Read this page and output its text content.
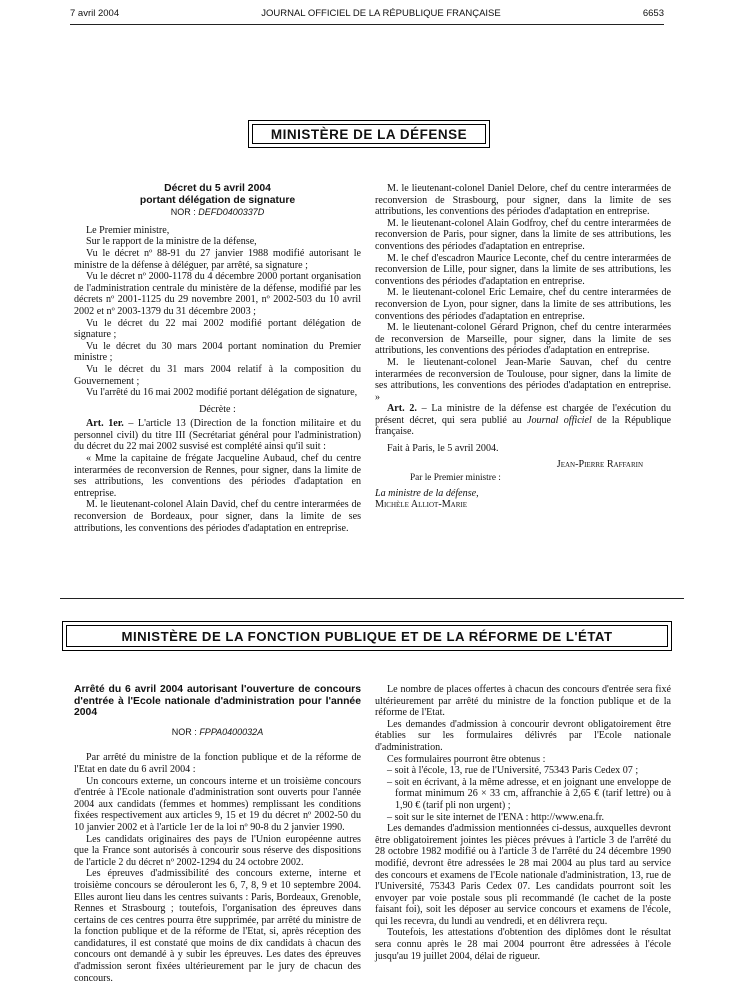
7 avril 2004	JOURNAL OFFICIEL DE LA RÉPUBLIQUE FRANÇAISE	6653
MINISTÈRE DE LA DÉFENSE
Décret du 5 avril 2004
portant délégation de signature
NOR : DEFD0400337D

Le Premier ministre,

Sur le rapport de la ministre de la défense,

Vu le décret nº 88-91 du 27 janvier 1988 modifié autorisant le ministre de la défense à déléguer, par arrêté, sa signature ;

Vu le décret nº 2000-1178 du 4 décembre 2000 portant organisation de l'administration centrale du ministère de la défense, modifié par les décrets nº 2001-1125 du 29 novembre 2001, nº 2002-503 du 10 avril 2002 et nº 2003-1379 du 31 décembre 2003 ;

Vu le décret du 22 mai 2002 modifié portant délégation de signature ;

Vu le décret du 30 mars 2004 portant nomination du Premier ministre ;

Vu le décret du 31 mars 2004 relatif à la composition du Gouvernement ;

Vu l'arrêté du 16 mai 2002 modifié portant délégation de signature,

Décrète :

Art. 1er. – L'article 13 (Direction de la fonction militaire et du personnel civil) du titre III (Secrétariat général pour l'administration) du décret du 22 mai 2002 susvisé est complété ainsi qu'il suit :

« Mme la capitaine de frégate Jacqueline Aubaud, chef du centre interarmées de reconversion de Rennes, pour signer, dans la limite de ses attributions, les conventions des périodes d'adaptation en entreprise.

M. le lieutenant-colonel Alain David, chef du centre interarmées de reconversion de Bordeaux, pour signer, dans la limite de ses attributions, les conventions des périodes d'adaptation en entreprise.

M. le lieutenant-colonel Daniel Delore, chef du centre interarmées de reconversion de Strasbourg, pour signer, dans la limite de ses attributions, les conventions des périodes d'adaptation en entreprise.

M. le lieutenant-colonel Alain Godfroy, chef du centre interarmées de reconversion de Paris, pour signer, dans la limite de ses attributions, les conventions des périodes d'adaptation en entreprise.

M. le chef d'escadron Maurice Leconte, chef du centre interarmées de reconversion de Lille, pour signer, dans la limite de ses attributions, les conventions des périodes d'adaptation en entreprise.

M. le lieutenant-colonel Eric Lemaire, chef du centre interarmées de reconversion de Lyon, pour signer, dans la limite de ses attributions, les conventions des périodes d'adaptation en entreprise.

M. le lieutenant-colonel Gérard Prignon, chef du centre interarmées de reconversion de Marseille, pour signer, dans la limite de ses attributions, les conventions des périodes d'adaptation en entreprise.

M. le lieutenant-colonel Jean-Marie Sauvan, chef du centre interarmées de reconversion de Toulouse, pour signer, dans la limite de ses attributions, les conventions des périodes d'adaptation en entreprise. »

Art. 2. – La ministre de la défense est chargée de l'exécution du présent décret, qui sera publié au Journal officiel de la République française.

Fait à Paris, le 5 avril 2004.

Jean-Pierre Raffarin

Par le Premier ministre :

La ministre de la défense,

Michèle Alliot-Marie

MINISTÈRE DE LA FONCTION PUBLIQUE ET DE LA RÉFORME DE L'ÉTAT
Arrêté du 6 avril 2004 autorisant l'ouverture de concours d'entrée à l'Ecole nationale d'administration pour l'année 2004
NOR : FPPA0400032A

Par arrêté du ministre de la fonction publique et de la réforme de l'Etat en date du 6 avril 2004 :

Un concours externe, un concours interne et un troisième concours d'entrée à l'Ecole nationale d'administration sont ouverts pour l'année 2004 aux candidats (femmes et hommes) remplissant les conditions fixées respectivement aux articles 9, 15 et 19 du décret nº 2002-50 du 10 janvier 2002 et à l'article 1er de la loi nº 90-8 du 2 janvier 1990.

Les candidats originaires des pays de l'Union européenne autres que la France sont autorisés à concourir sous réserve des dispositions de l'article 2 du décret nº 2002-1294 du 24 octobre 2002.

Les épreuves d'admissibilité des concours externe, interne et troisième concours se dérouleront les 6, 7, 8, 9 et 10 septembre 2004. Elles auront lieu dans les centres suivants : Paris, Bordeaux, Grenoble, Rennes et Strasbourg ; toutefois, l'organisation des épreuves dans certains de ces centres pourra être supprimée, par arrêté du ministre de la fonction publique et de la réforme de l'Etat, si, après réception des candidatures, il est constaté que moins de dix candidats à chacun des concours ont demandé à y subir les épreuves. Les dates des épreuves d'admission seront fixées ultérieurement par le jury de chacun des concours.

Le nombre de places offertes à chacun des concours d'entrée sera fixé ultérieurement par arrêté du ministre de la fonction publique et de la réforme de l'Etat.

Les demandes d'admission à concourir devront obligatoirement être établies sur les formulaires délivrés par l'Ecole nationale d'administration.

Ces formulaires pourront être obtenus :

– soit à l'école, 13, rue de l'Université, 75343 Paris Cedex 07 ;
– soit en écrivant, à la même adresse, et en joignant une enveloppe de format minimum 26 × 33 cm, affranchie à 2,65 € (tarif lettre) ou à 1,90 € (tarif pli non urgent) ;
– soit sur le site internet de l'ENA : http://www.ena.fr.

Les demandes d'admission mentionnées ci-dessus, auxquelles devront être obligatoirement jointes les pièces prévues à l'article 3 de l'arrêté du 28 octobre 1982 modifié ou à l'article 3 de l'arrêté du 24 décembre 1990 modifié, devront être adressées le 28 mai 2004 au plus tard au service des concours et examens de l'Ecole nationale d'administration, 13, rue de l'Université, 75343 Paris Cedex 07. Les candidats pourront soit les envoyer par voie postale sous pli recommandé (le cachet de la poste faisant foi), soit les déposer au service concours et examens de l'école, qui les recevra, du lundi au vendredi, et en délivrera reçu.

Toutefois, les attestations d'obtention des diplômes dont le résultat sera connu après le 28 mai 2004 pourront être adressées à l'école jusqu'au 19 juillet 2004, délai de rigueur.
